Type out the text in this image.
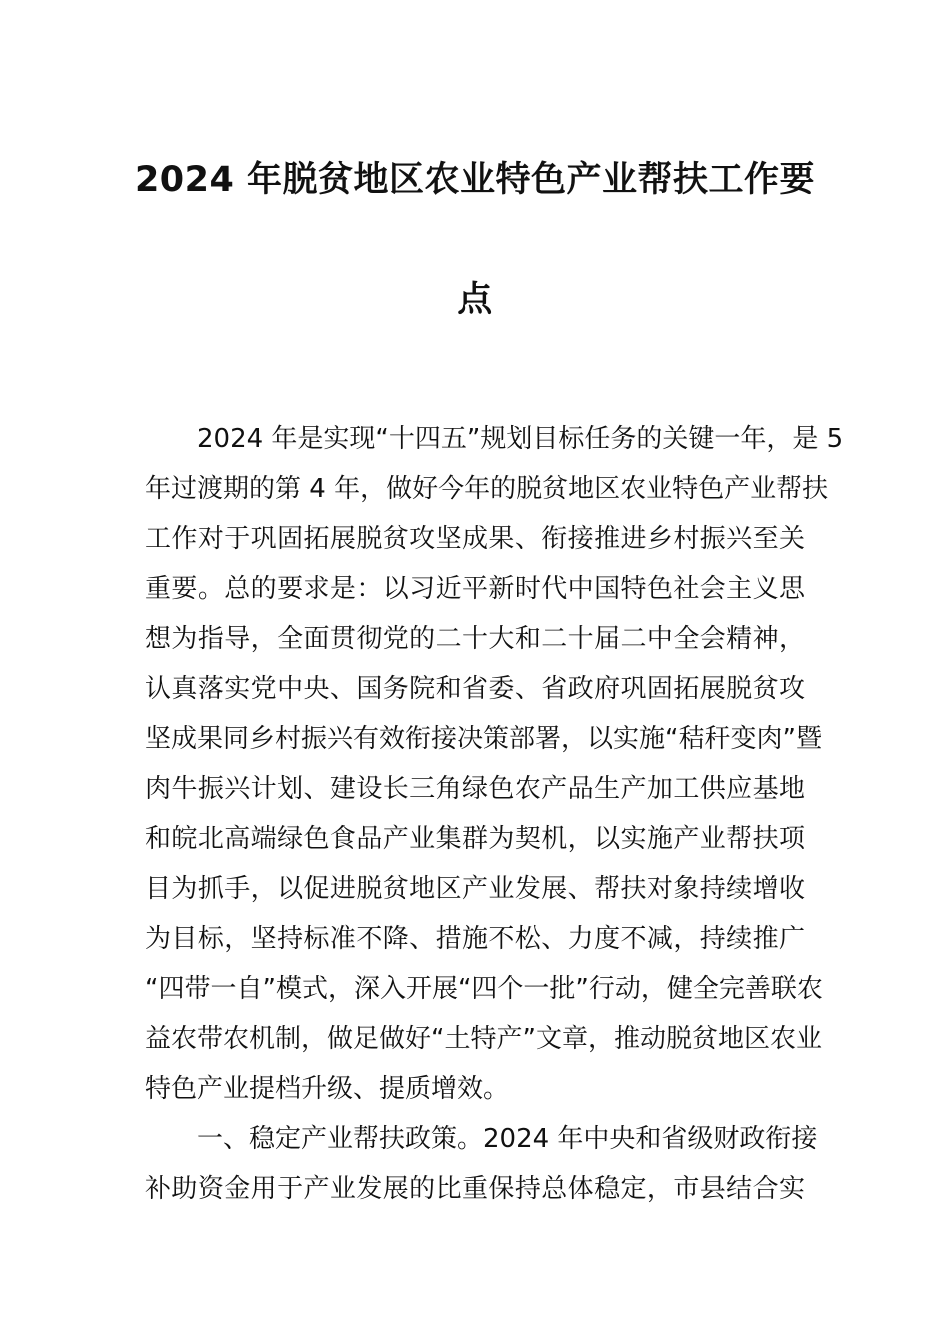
2024 年脱贫地区农业特色产业帮扶工作要
点
2024 年是实现“十四五”规划目标任务的关键一年，是 5
年过渡期的第 4 年，做好今年的脱贫地区农业特色产业帮扶
工作对于巩固拓展脱贫攻坚成果、衔接推进乡村振兴至关
重要。总的要求是：以习近平新时代中国特色社会主义思
想为指导，全面贯彻党的二十大和二十届二中全会精神，
认真落实党中央、国务院和省委、省政府巩固拓展脱贫攻
坚成果同乡村振兴有效衔接决策部署，以实施“秸秆变肉”暨
肉牛振兴计划、建设长三角绿色农产品生产加工供应基地
和皖北高端绿色食品产业集群为契机，以实施产业帮扶项
目为抓手，以促进脱贫地区产业发展、帮扶对象持续增收
为目标，坚持标准不降、措施不松、力度不减，持续推广
“四带一自”模式，深入开展“四个一批”行动，健全完善联农
益农带农机制，做足做好“土特产”文章，推动脱贫地区农业
特色产业提档升级、提质增效。
一、稳定产业帮扶政策。2024 年中央和省级财政衔接
补助资金用于产业发展的比重保持总体稳定，市县结合实
